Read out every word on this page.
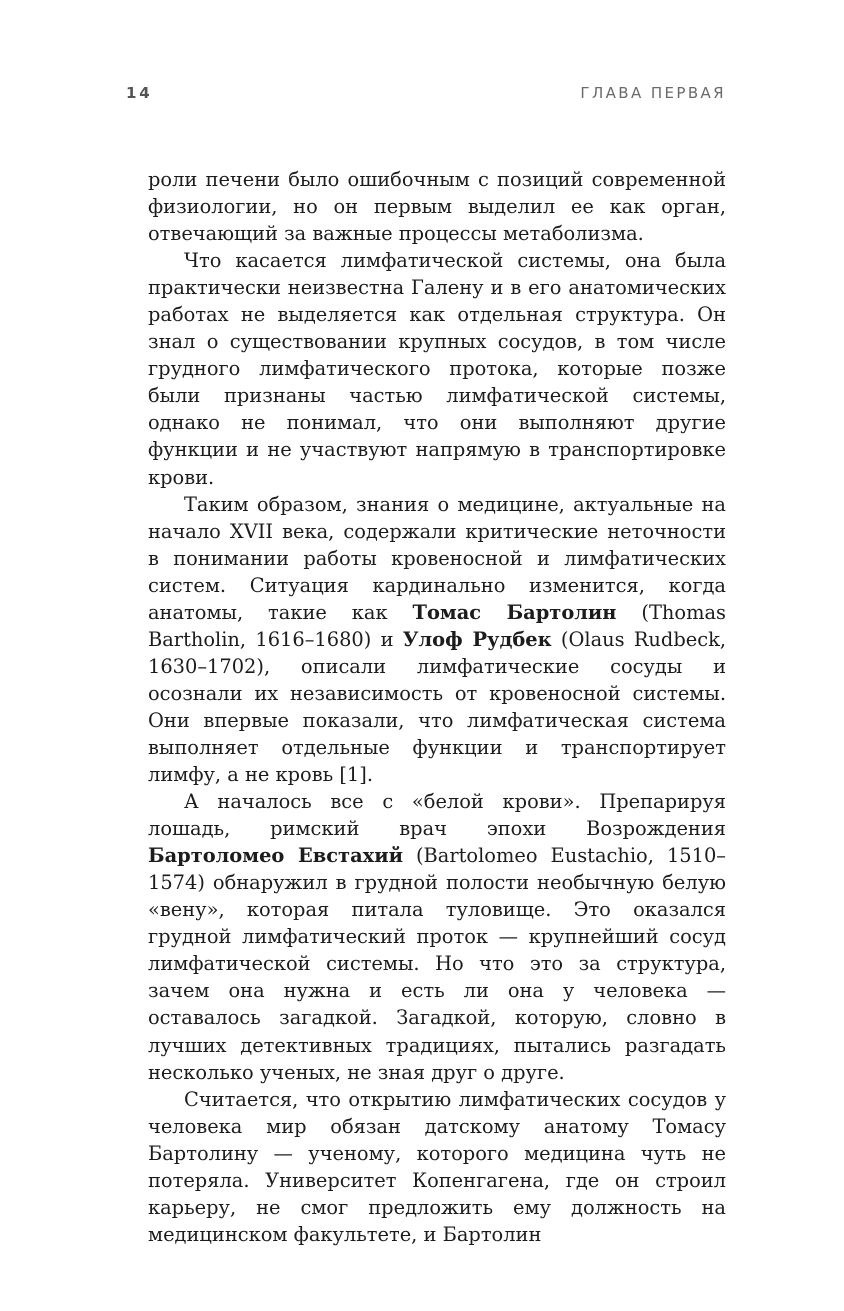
14	ГЛАВА ПЕРВАЯ

роли печени было ошибочным с позиций современной физиологии, но он первым выделил ее как орган, отвечающий за важные процессы метаболизма.

Что касается лимфатической системы, она была практически неизвестна Галену и в его анатомических работах не выделяется как отдельная структура. Он знал о существовании крупных сосудов, в том числе грудного лимфатического протока, которые позже были признаны частью лимфатической системы, однако не понимал, что они выполняют другие функции и не участвуют напрямую в транспортировке крови.

Таким образом, знания о медицине, актуальные на начало XVII века, содержали критические неточности в понимании работы кровеносной и лимфатических систем. Ситуация кардинально изменится, когда анатомы, такие как Томас Бартолин (Thomas Bartholin, 1616–1680) и Улоф Рудбек (Olaus Rudbeck, 1630–1702), описали лимфатические сосуды и осознали их независимость от кровеносной системы. Они впервые показали, что лимфатическая система выполняет отдельные функции и транспортирует лимфу, а не кровь [1].

А началось все с «белой крови». Препарируя лошадь, римский врач эпохи Возрождения Бартоломео Евстахий (Bartolomeo Eustachio, 1510–1574) обнаружил в грудной полости необычную белую «вену», которая питала туловище. Это оказался грудной лимфатический проток — крупнейший сосуд лимфатической системы. Но что это за структура, зачем она нужна и есть ли она у человека — оставалось загадкой. Загадкой, которую, словно в лучших детективных традициях, пытались разгадать несколько ученых, не зная друг о друге.

Считается, что открытию лимфатических сосудов у человека мир обязан датскому анатому Томасу Бартолину — ученому, которого медицина чуть не потеряла. Университет Копенгагена, где он строил карьеру, не смог предложить ему должность на медицинском факультете, и Бартолин
